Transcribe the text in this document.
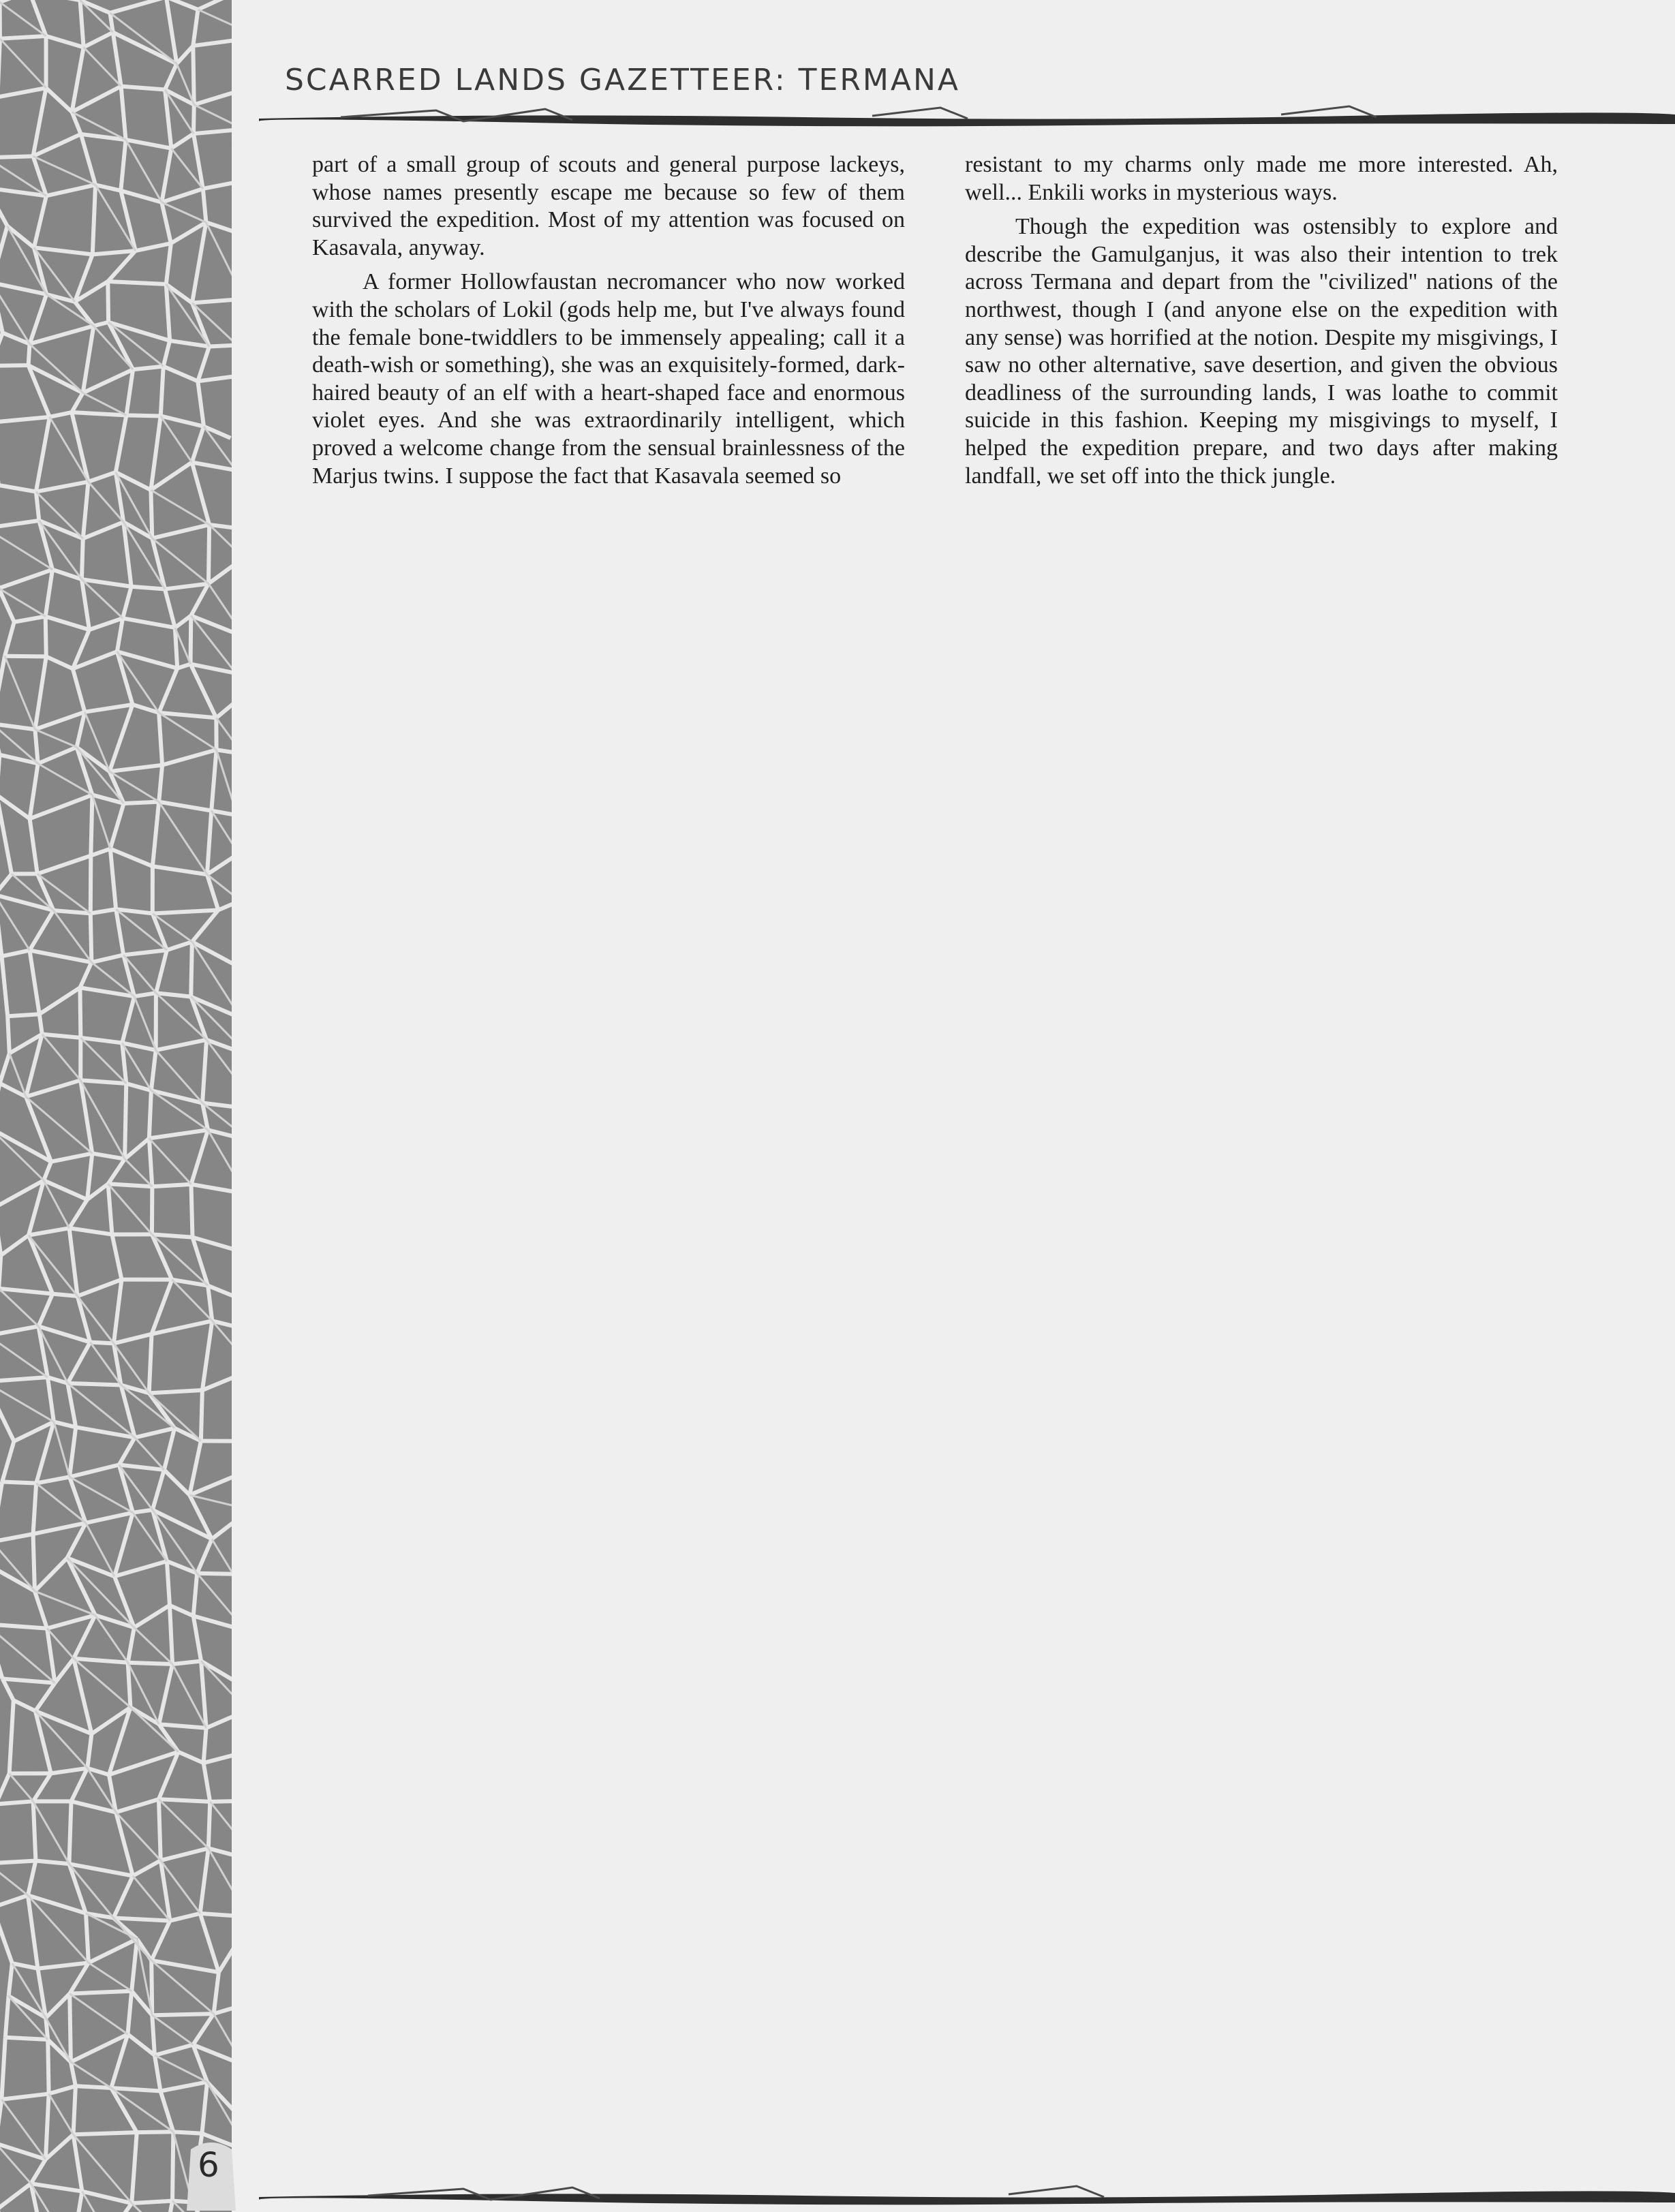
SCARRED LANDS GAZETTEER: TERMANA

part of a small group of scouts and general purpose lackeys, whose names presently escape me because so few of them survived the expedition. Most of my attention was focused on Kasavala, anyway.

A former Hollowfaustan necromancer who now worked with the scholars of Lokil (gods help me, but I've always found the female bone-twiddlers to be immensely appealing; call it a death-wish or something), she was an exquisitely-formed, dark-haired beauty of an elf with a heart-shaped face and enormous violet eyes. And she was extraordinarily intelligent, which proved a welcome change from the sensual brainlessness of the Marjus twins. I suppose the fact that Kasavala seemed so

resistant to my charms only made me more interested. Ah, well... Enkili works in mysterious ways.

Though the expedition was ostensibly to explore and describe the Gamulganjus, it was also their intention to trek across Termana and depart from the "civilized" nations of the northwest, though I (and anyone else on the expedition with any sense) was horrified at the notion. Despite my misgivings, I saw no other alternative, save desertion, and given the obvious deadliness of the surrounding lands, I was loathe to commit suicide in this fashion. Keeping my misgivings to myself, I helped the expedition prepare, and two days after making landfall, we set off into the thick jungle.

6
